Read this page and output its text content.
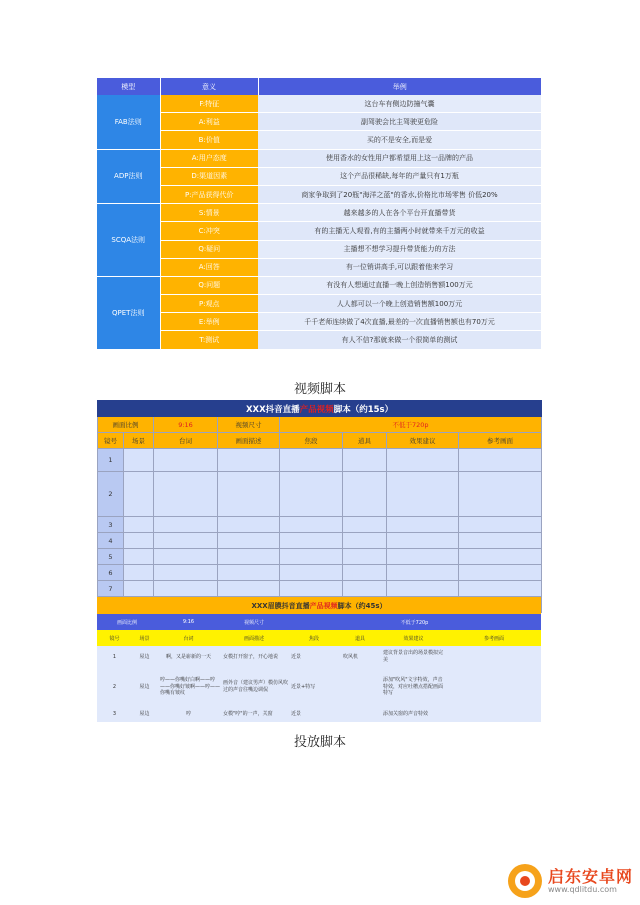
模型	意义	举例
FAB法则	F:特征	这台车有侧边防撞气囊
	A:利益	副驾驶会比主驾驶更危险
	B:价值	买的不是安全,而是爱
ADP法则	A:用户态度	使用香水的女性用户都希望用上这一品牌的产品
	D:渠道因素	这个产品很稀缺,每年的产量只有1万瓶
	P:产品获得代价	商家争取到了20瓶"海洋之蓝"的香水,价格比市场零售 价低20%
SCQA法则	S:情景	越来越多的人在各个平台开直播带货
	C:冲突	有的主播无人观看,有的主播两小时就带来千万元的收益
	Q:疑问	主播想不想学习提升带货能力的方法
	A:回答	有一位销讲高手,可以跟着他来学习
QPET法则	Q:问题	有没有人想通过直播一晚上创造销售额100万元
	P:观点	人人都可以一个晚上创造销售额100万元
	E:举例	千千老师连续做了4次直播,最差的一次直播销售额也有70万元
	T:测试	有人不信?那就来做一个很简单的测试
视频脚本
XXX抖音直播产品视频脚本（约15s）							
画面比例		9:16	视频尺寸	不低于720p			
镜号	场景	台词	画面描述	焦段	道具	效果建议	参考画面
1							
2							
3							
4							
5							
6							
7							

XXX眉膜抖音直播产品视频脚本（约45s）							
画面比例		9:16	视频尺寸	不低于720p			
镜号	场景	台词	画面描述	焦段	道具	效果建议	参考画面
1	屋边	啊，又是崭新的一天	女模打开窗子，开心地说	近景	吹风机	建议背景音出的场景模拟完美	
2	屋边	哼——你嘴好白啊——哼——你嘴好皱啊——哼——你嘴有皱纹	画外音（建议男声）模仿风吹过的声音往嘴边调侃	近景+特写		添加"吹风"文字特效，声音特效，对应吐槽点搭配画面特写	
3	屋边	哼	女模"哼"的一声，关窗	近景		添加关窗的声音特效	
投放脚本
启东安卓网
www.qdlitdu.com
